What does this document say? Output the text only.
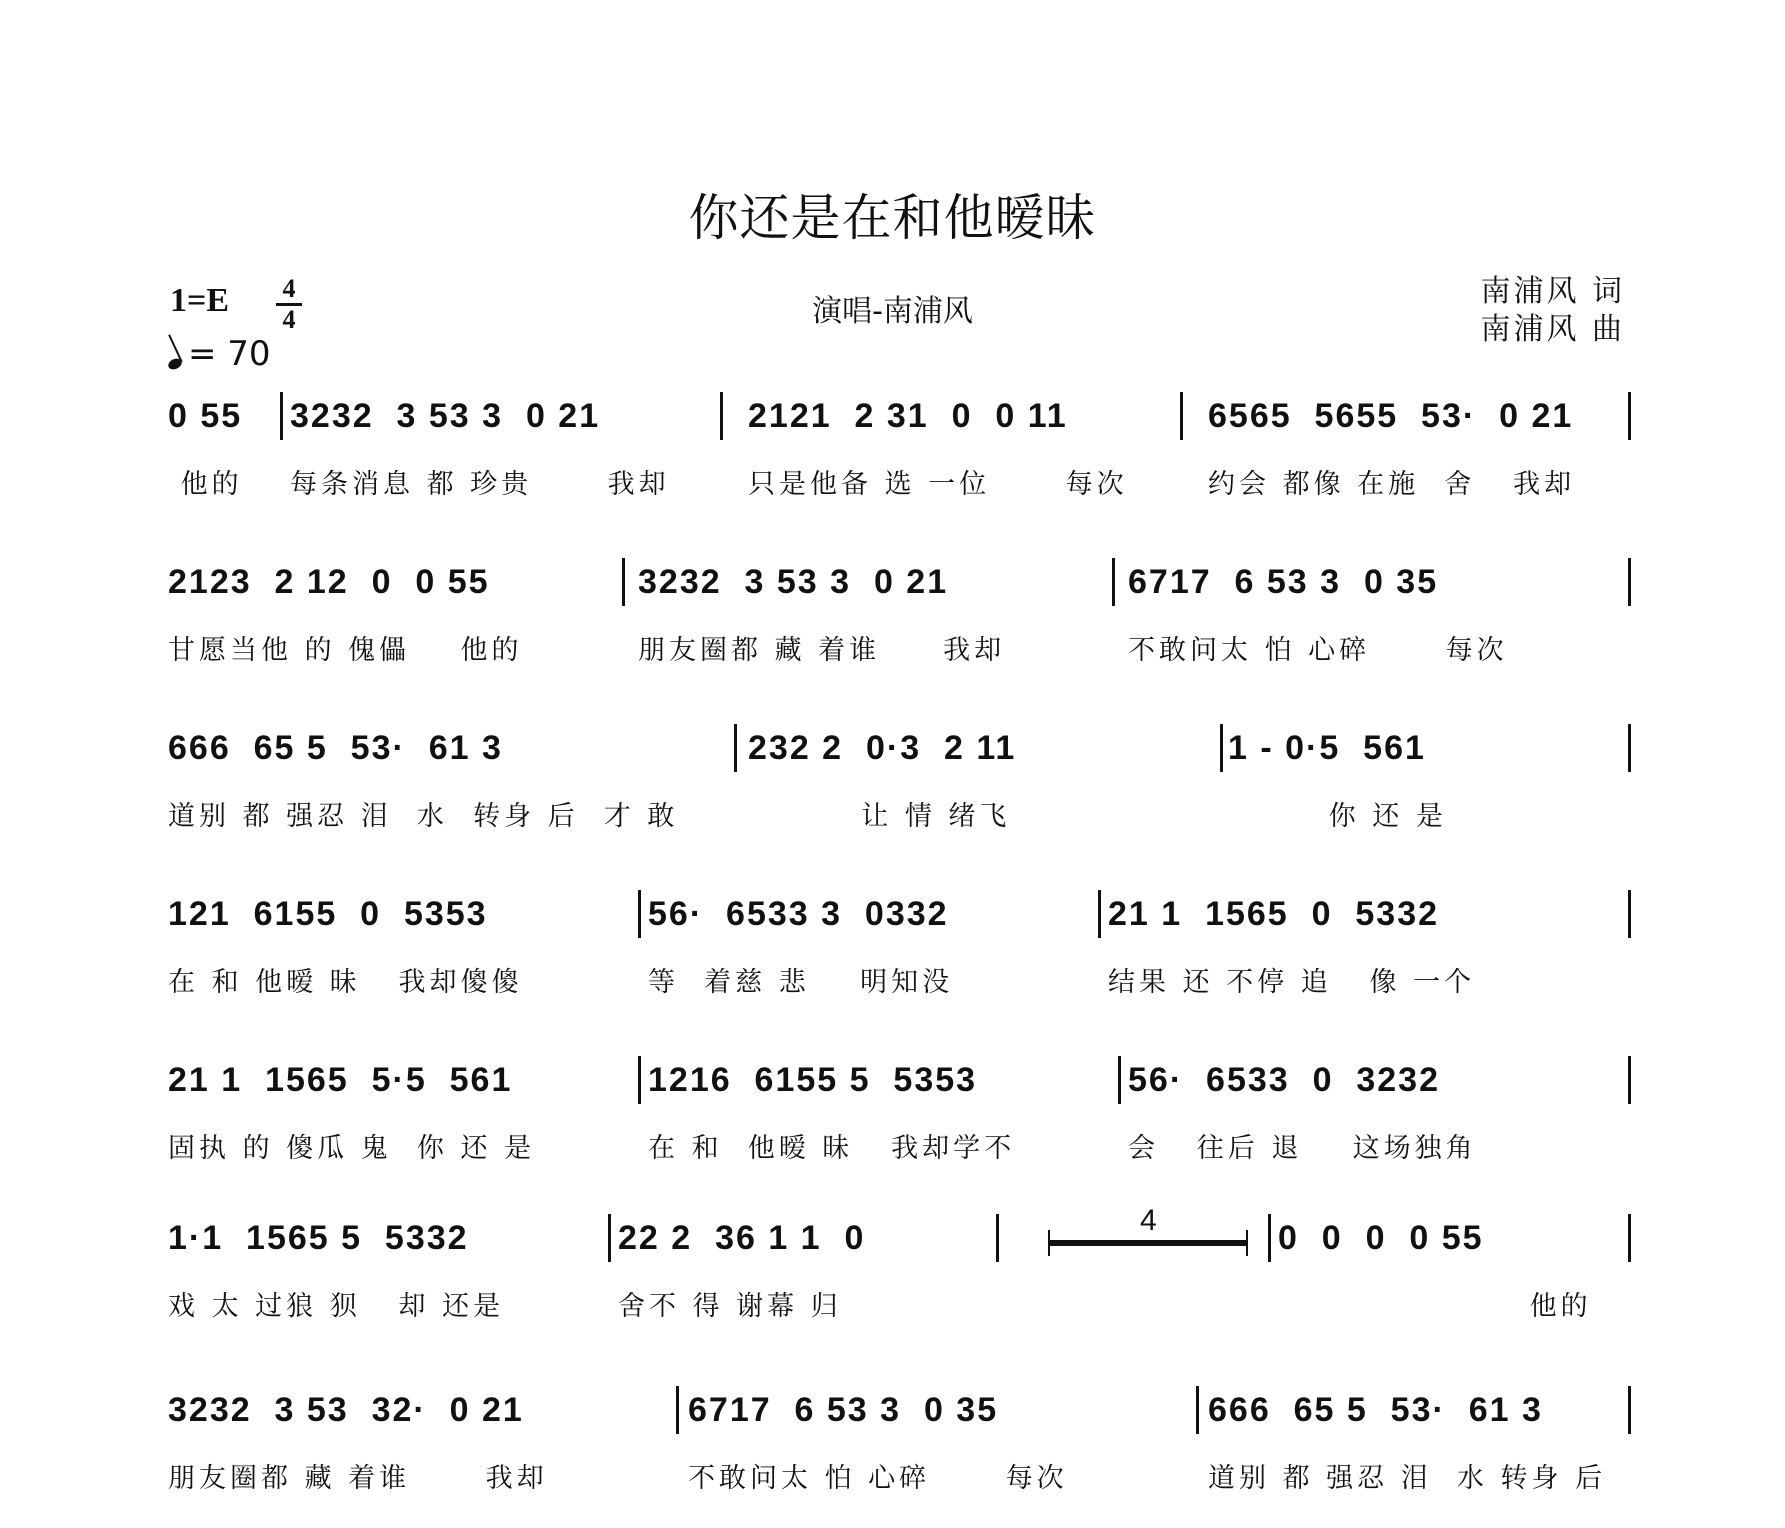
你还是在和他暧昧
演唱-南浦风
南浦风 词
南浦风 曲
1=E 4
4
= 70
0 55
他的
3232  3 53 3  0 21
每条消息 都 珍贵      我却
2121  2 31  0  0 11
只是他备 选 一位      每次
6565  5655  53·  0 21
约会 都像 在施  舍   我却
2123  2 12  0  0 55
甘愿当他 的 傀儡    他的
3232  3 53 3  0 21
朋友圈都 藏 着谁     我却
6717  6 53 3  0 35
不敢问太 怕 心碎      每次
666  65 5  53·  61 3
道别 都 强忍 泪  水  转身 后  才 敢
232 2  0·3  2 11
让 情 绪飞
1 - 0·5  561
你 还 是
121  6155  0  5353
在 和 他暧 昧   我却傻傻
56·  6533 3  0332
等  着慈 悲    明知没
21 1  1565  0  5332
结果 还 不停 追   像 一个
21 1  1565  5·5  561
固执 的 傻瓜 鬼  你 还 是
1216  6155 5  5353
在 和  他暧 昧   我却学不
56·  6533  0  3232
会   往后 退    这场独角
1·1  1565 5  5332
戏 太 过狼 狈   却 还是
22 2  36 1 1  0
舍不 得 谢幕 归
4	0  0  0  0 55
他的
3232  3 53  32·  0 21
朋友圈都 藏 着谁      我却
6717  6 53 3  0 35
不敢问太 怕 心碎      每次
666  65 5  53·  61 3
道别 都 强忍 泪  水 转身 后
